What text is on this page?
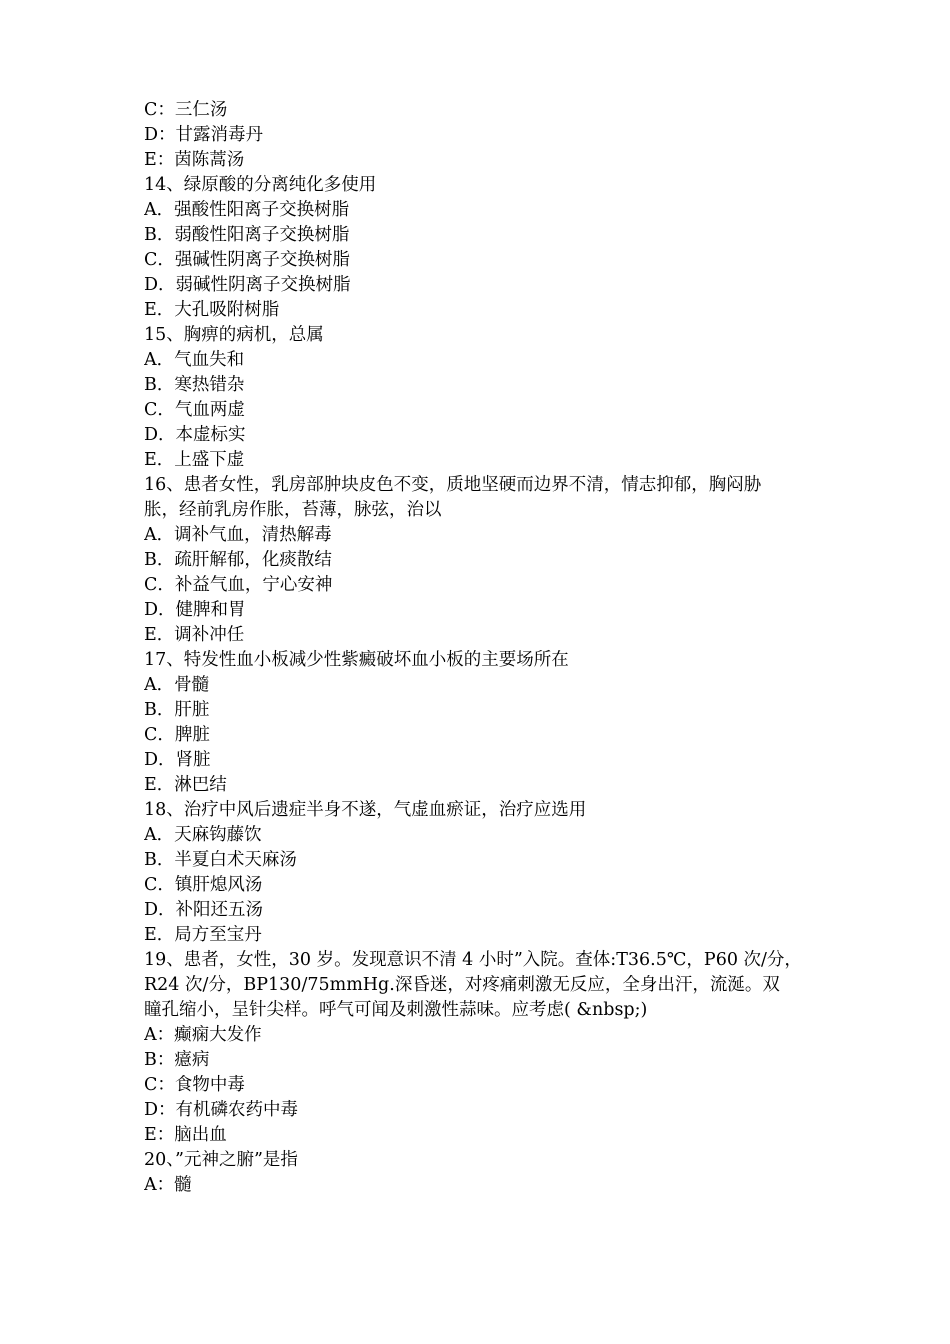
C：三仁汤
D：甘露消毒丹
E：茵陈蒿汤
14、绿原酸的分离纯化多使用
A．强酸性阳离子交换树脂
B．弱酸性阳离子交换树脂
C．强碱性阴离子交换树脂
D．弱碱性阴离子交换树脂
E．大孔吸附树脂
15、胸痹的病机，总属
A．气血失和
B．寒热错杂
C．气血两虚
D．本虚标实
E．上盛下虚
16、患者女性，乳房部肿块皮色不变，质地坚硬而边界不清，情志抑郁，胸闷胁
胀，经前乳房作胀，苔薄，脉弦，治以
A．调补气血，清热解毒
B．疏肝解郁，化痰散结
C．补益气血，宁心安神
D．健脾和胃
E．调补冲任
17、特发性血小板减少性紫癜破坏血小板的主要场所在
A．骨髓
B．肝脏
C．脾脏
D．肾脏
E．淋巴结
18、治疗中风后遗症半身不遂，气虚血瘀证，治疗应选用
A．天麻钩藤饮
B．半夏白术天麻汤
C．镇肝熄风汤
D．补阳还五汤
E．局方至宝丹
19、患者，女性，30 岁。发现意识不清 4 小时”入院。查体:T36.5℃，P60 次/分，
R24 次/分，BP130/75mmHg.深昏迷，对疼痛刺激无反应，全身出汗，流涎。双
瞳孔缩小，呈针尖样。呼气可闻及刺激性蒜味。应考虑( &nbsp;)
A：癫痫大发作
B：癔病
C：食物中毒
D：有机磷农药中毒
E：脑出血
20、”元神之腑”是指
A：髓
